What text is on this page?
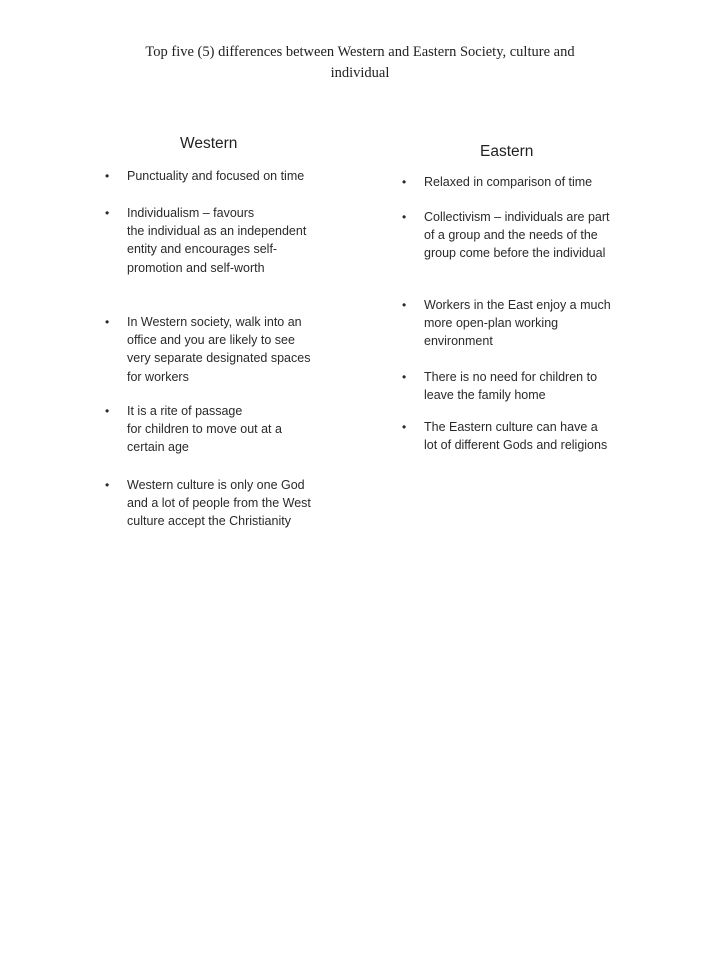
Top five (5) differences between Western and Eastern Society, culture and
individual
Western	Eastern
• Punctuality and focused on time
• Individualism – favours
the individual as an independent
entity and encourages self-
promotion and self-worth
• In Western society, walk into an
office and you are likely to see
very separate designated spaces
for workers
• It is a rite of passage
for children to move out at a
certain age
• Western culture is only one God
and a lot of people from the West
culture accept the Christianity
• Relaxed in comparison of time
• Collectivism – individuals are part
of a group and the needs of the
group come before the individual
• Workers in the East enjoy a much
more open-plan working
environment
• There is no need for children to
leave the family home
• The Eastern culture can have a
lot of different Gods and religions
